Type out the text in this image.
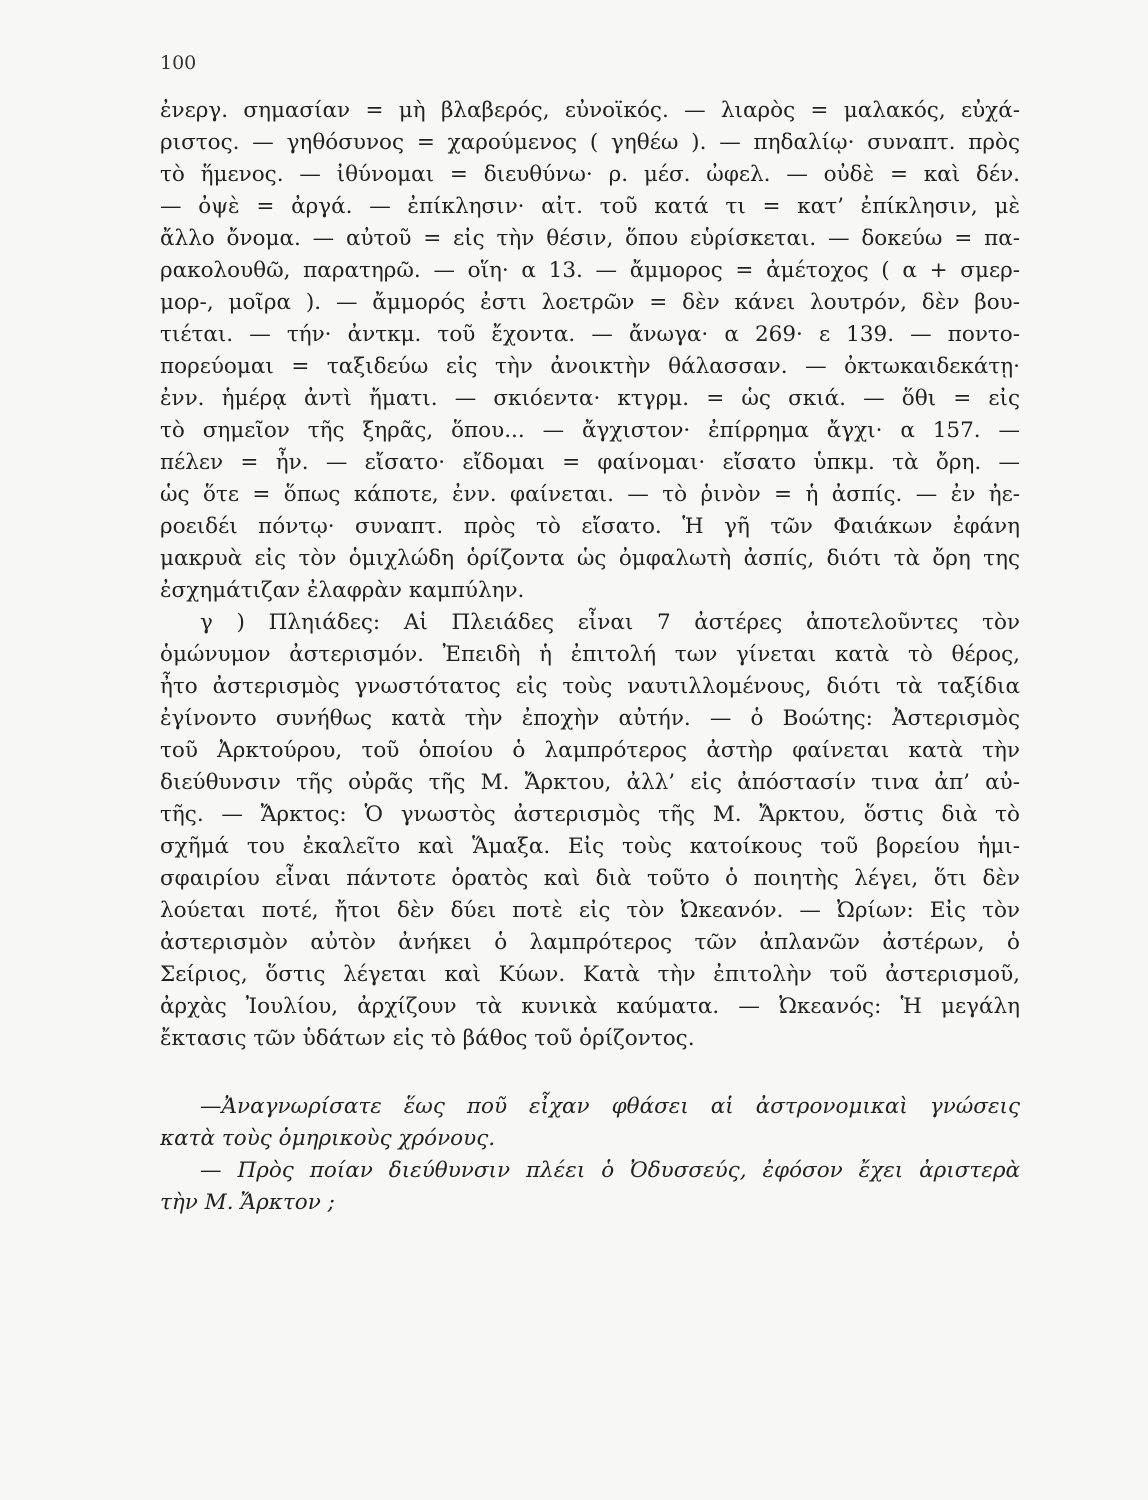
100
ἐνεργ. σημασίαν = μὴ βλαβερός, εὐνοϊκός. — λιαρὸς = μαλακός, εὐχά-
ριστος. — γηθόσυνος = χαρούμενος ( γηθέω ). — πηδαλίῳ· συναπτ. πρὸς
τὸ ἥμενος. — ἰθύνομαι = διευθύνω· ρ. μέσ. ὠφελ. — οὐδὲ = καὶ δέν.
— ὀψὲ = ἀργά. — ἐπίκλησιν· αἰτ. τοῦ κατά τι = κατ’ ἐπίκλησιν, μὲ
ἄλλο ὄνομα. — αὐτοῦ = εἰς τὴν θέσιν, ὅπου εὑρίσκεται. — δοκεύω = πα-
ρακολουθῶ, παρατηρῶ. — οἵη· α 13. — ἄμμορος = ἀμέτοχος ( α + σμερ-
μορ-, μοῖρα ). — ἄμμορός ἐστι λοετρῶν = δὲν κάνει λουτρόν, δὲν βου-
τιέται. — τήν· ἀντκμ. τοῦ ἔχοντα. — ἄνωγα· α 269· ε 139. — ποντο-
πορεύομαι = ταξιδεύω εἰς τὴν ἀνοικτὴν θάλασσαν. — ὀκτωκαιδεκάτῃ·
ἐνν. ἡμέρᾳ ἀντὶ ἤματι. — σκιόεντα· κτγρμ. = ὡς σκιά. — ὅθι = εἰς
τὸ σημεῖον τῆς ξηρᾶς, ὅπου... — ἄγχιστον· ἐπίρρημα ἄγχι· α 157. —
πέλεν = ἦν. — εἴσατο· εἴδομαι = φαίνομαι· εἴσατο ὑπκμ. τὰ ὄρη. —
ὡς ὅτε = ὅπως κάποτε, ἐνν. φαίνεται. — τὸ ῥινὸν = ἡ ἀσπίς. — ἐν ἠε-
ροειδέι πόντῳ· συναπτ. πρὸς τὸ εἴσατο. Ἡ γῆ τῶν Φαιάκων ἐφάνη
μακρυὰ εἰς τὸν ὁμιχλώδη ὁρίζοντα ὡς ὀμφαλωτὴ ἀσπίς, διότι τὰ ὄρη της
ἐσχημάτιζαν ἐλαφρὰν καμπύλην.
γ ) Πληιάδες: Αἱ Πλειάδες εἶναι 7 ἀστέρες ἀποτελοῦντες τὸν
ὁμώνυμον ἀστερισμόν. Ἐπειδὴ ἡ ἐπιτολή των γίνεται κατὰ τὸ θέρος,
ἦτο ἀστερισμὸς γνωστότατος εἰς τοὺς ναυτιλλομένους, διότι τὰ ταξίδια
ἐγίνοντο συνήθως κατὰ τὴν ἐποχὴν αὐτήν. — ὁ Βοώτης: Ἀστερισμὸς
τοῦ Ἀρκτούρου, τοῦ ὁποίου ὁ λαμπρότερος ἀστὴρ φαίνεται κατὰ τὴν
διεύθυνσιν τῆς οὐρᾶς τῆς Μ. Ἄρκτου, ἀλλ’ εἰς ἀπόστασίν τινα ἀπ’ αὐ-
τῆς. — Ἄρκτος: Ὁ γνωστὸς ἀστερισμὸς τῆς Μ. Ἄρκτου, ὅστις διὰ τὸ
σχῆμά του ἐκαλεῖτο καὶ Ἅμαξα. Εἰς τοὺς κατοίκους τοῦ βορείου ἡμι-
σφαιρίου εἶναι πάντοτε ὁρατὸς καὶ διὰ τοῦτο ὁ ποιητὴς λέγει, ὅτι δὲν
λούεται ποτέ, ἤτοι δὲν δύει ποτὲ εἰς τὸν Ὠκεανόν. — Ὠρίων: Εἰς τὸν
ἀστερισμὸν αὐτὸν ἀνήκει ὁ λαμπρότερος τῶν ἀπλανῶν ἀστέρων, ὁ
Σείριος, ὅστις λέγεται καὶ Κύων. Κατὰ τὴν ἐπιτολὴν τοῦ ἀστερισμοῦ,
ἀρχὰς Ἰουλίου, ἀρχίζουν τὰ κυνικὰ καύματα. — Ὠκεανός: Ἡ μεγάλη
ἔκτασις τῶν ὑδάτων εἰς τὸ βάθος τοῦ ὁρίζοντος.
—Ἀναγνωρίσατε ἕως ποῦ εἶχαν φθάσει αἱ ἀστρονομικαὶ γνώσεις
κατὰ τοὺς ὁμηρικοὺς χρόνους.
— Πρὸς ποίαν διεύθυνσιν πλέει ὁ Ὀδυσσεύς, ἐφόσον ἔχει ἀριστερὰ
τὴν Μ. Ἄρκτον ;
